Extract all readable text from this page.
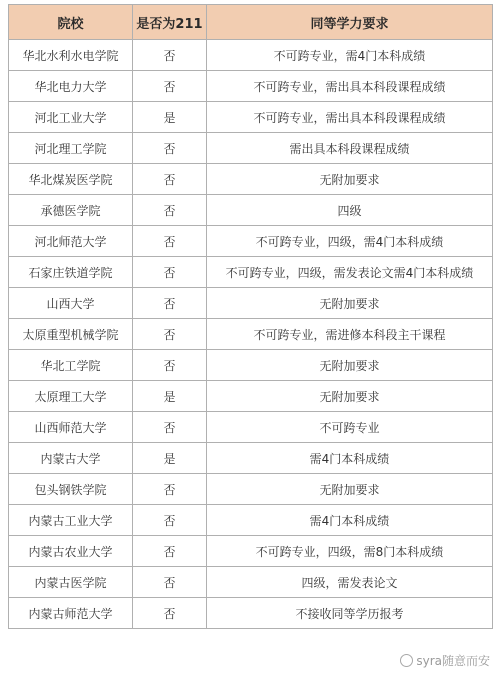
院校	是否为211	同等学力要求
华北水利水电学院	否	不可跨专业，需4门本科成绩
华北电力大学	否	不可跨专业，需出具本科段课程成绩
河北工业大学	是	不可跨专业，需出具本科段课程成绩
河北理工学院	否	需出具本科段课程成绩
华北煤炭医学院	否	无附加要求
承德医学院	否	四级
河北师范大学	否	不可跨专业，四级，需4门本科成绩
石家庄铁道学院	否	不可跨专业，四级，需发表论文需4门本科成绩
山西大学	否	无附加要求
太原重型机械学院	否	不可跨专业，需进修本科段主干课程
华北工学院	否	无附加要求
太原理工大学	是	无附加要求
山西师范大学	否	不可跨专业
内蒙古大学	是	需4门本科成绩
包头钢铁学院	否	无附加要求
内蒙古工业大学	否	需4门本科成绩
内蒙古农业大学	否	不可跨专业，四级，需8门本科成绩
内蒙古医学院	否	四级，需发表论文
内蒙古师范大学	否	不接收同等学历报考
syra随意而安
